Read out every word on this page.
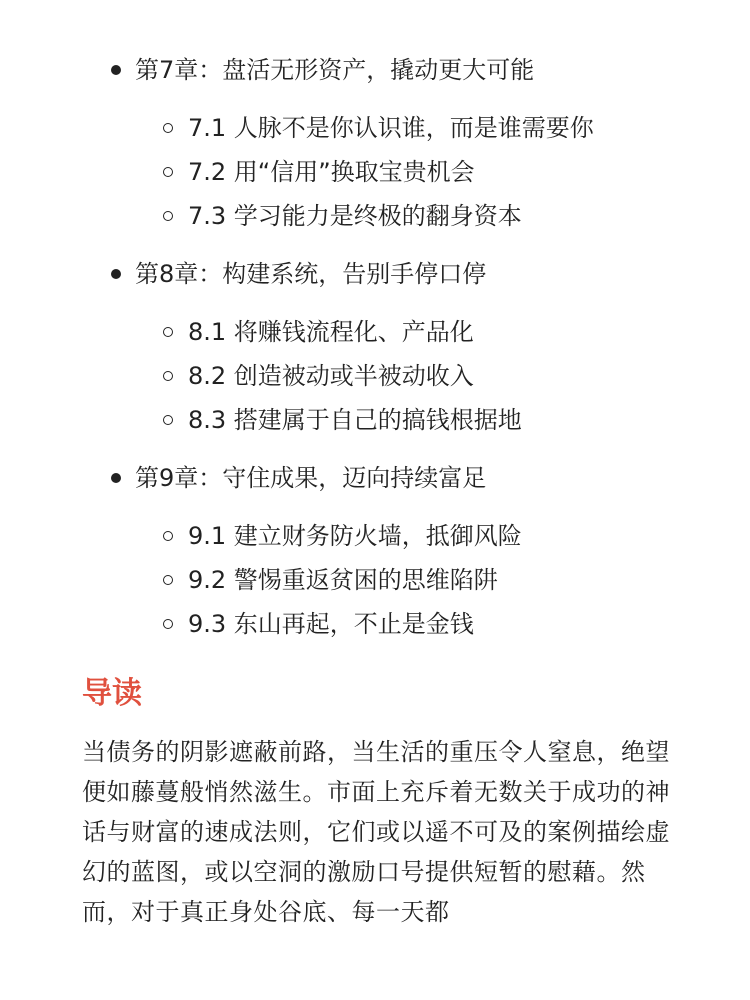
第7章：盘活无形资产，撬动更大可能
7.1 人脉不是你认识谁，而是谁需要你
7.2 用“信用”换取宝贵机会
7.3 学习能力是终极的翻身资本
第8章：构建系统，告别手停口停
8.1 将赚钱流程化、产品化
8.2 创造被动或半被动收入
8.3 搭建属于自己的搞钱根据地
第9章：守住成果，迈向持续富足
9.1 建立财务防火墙，抵御风险
9.2 警惕重返贫困的思维陷阱
9.3 东山再起，不止是金钱
导读

当债务的阴影遮蔽前路，当生活的重压令人窒息，绝望便如藤蔓般悄然滋生。市面上充斥着无数关于成功的神话与财富的速成法则，它们或以遥不可及的案例描绘虚幻的蓝图，或以空洞的激励口号提供短暂的慰藉。然而，对于真正身处谷底、每一天都
